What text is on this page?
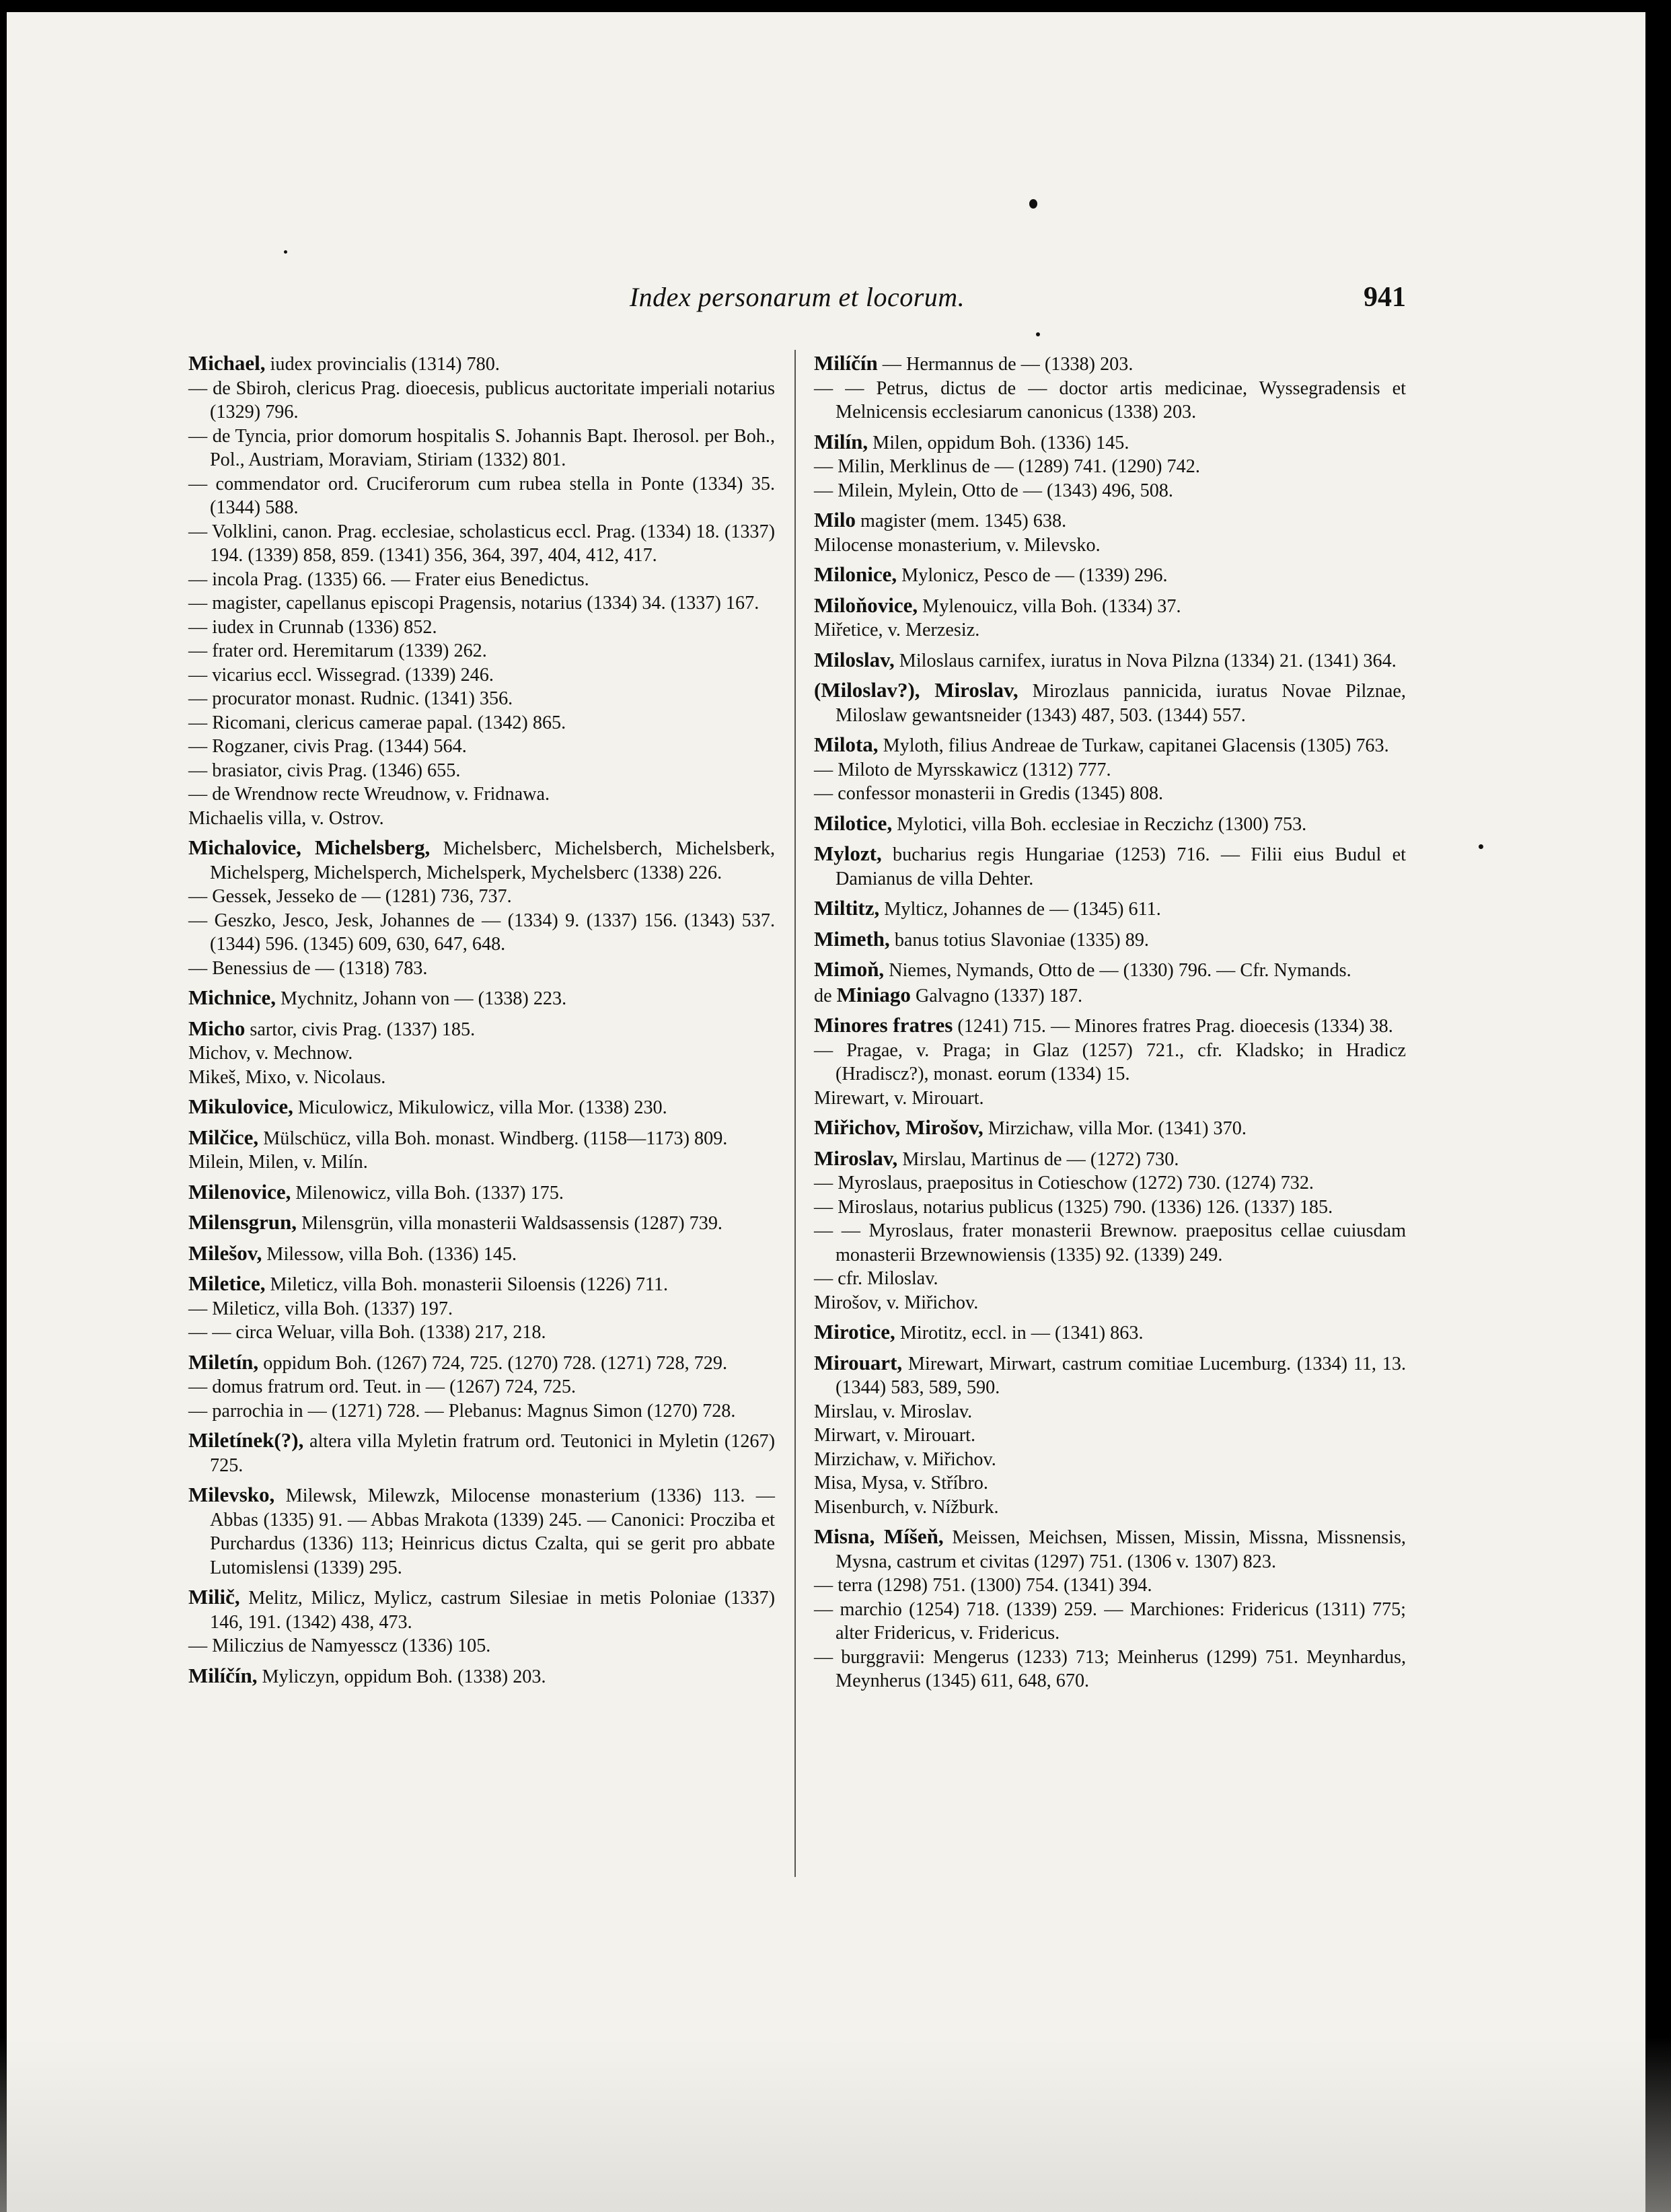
Index personarum et locorum.	941

Michael, iudex provincialis (1314) 780.

— de Sbiroh, clericus Prag. dioecesis, publicus auctoritate imperiali notarius (1329) 796.

— de Tyncia, prior domorum hospitalis S. Johannis Bapt. Iherosol. per Boh., Pol., Austriam, Moraviam, Stiriam (1332) 801.

— commendator ord. Cruciferorum cum rubea stella in Ponte (1334) 35. (1344) 588.

— Volklini, canon. Prag. ecclesiae, scholasticus eccl. Prag. (1334) 18. (1337) 194. (1339) 858, 859. (1341) 356, 364, 397, 404, 412, 417.

— incola Prag. (1335) 66. — Frater eius Benedictus.

— magister, capellanus episcopi Pragensis, notarius (1334) 34. (1337) 167.

— iudex in Crunnab (1336) 852.

— frater ord. Heremitarum (1339) 262.

— vicarius eccl. Wissegrad. (1339) 246.

— procurator monast. Rudnic. (1341) 356.

— Ricomani, clericus camerae papal. (1342) 865.

— Rogzaner, civis Prag. (1344) 564.

— brasiator, civis Prag. (1346) 655.

— de Wrendnow recte Wreudnow, v. Fridnawa.

Michaelis villa, v. Ostrov.

Michalovice, Michelsberg, Michelsberc, Michelsberch, Michelsberk, Michelsperg, Michelsperch, Michelsperk, Mychelsberc (1338) 226.

— Gessek, Jesseko de — (1281) 736, 737.

— Geszko, Jesco, Jesk, Johannes de — (1334) 9. (1337) 156. (1343) 537. (1344) 596. (1345) 609, 630, 647, 648.

— Benessius de — (1318) 783.

Michnice, Mychnitz, Johann von — (1338) 223.

Micho sartor, civis Prag. (1337) 185.

Michov, v. Mechnow.

Mikeš, Mixo, v. Nicolaus.

Mikulovice, Miculowicz, Mikulowicz, villa Mor. (1338) 230.

Milčice, Mülschücz, villa Boh. monast. Windberg. (1158—1173) 809.

Milein, Milen, v. Milín.

Milenovice, Milenowicz, villa Boh. (1337) 175.

Milensgrun, Milensgrün, villa monasterii Waldsassensis (1287) 739.

Milešov, Milessow, villa Boh. (1336) 145.

Miletice, Mileticz, villa Boh. monasterii Siloensis (1226) 711.

— Mileticz, villa Boh. (1337) 197.

— — circa Weluar, villa Boh. (1338) 217, 218.

Miletín, oppidum Boh. (1267) 724, 725. (1270) 728. (1271) 728, 729.

— domus fratrum ord. Teut. in — (1267) 724, 725.

— parrochia in — (1271) 728. — Plebanus: Magnus Simon (1270) 728.

Miletínek(?), altera villa Myletin fratrum ord. Teutonici in Myletin (1267) 725.

Milevsko, Milewsk, Milewzk, Milocense monasterium (1336) 113. — Abbas (1335) 91. — Abbas Mrakota (1339) 245. — Canonici: Procziba et Purchardus (1336) 113; Heinricus dictus Czalta, qui se gerit pro abbate Lutomislensi (1339) 295.

Milič, Melitz, Milicz, Mylicz, castrum Silesiae in metis Poloniae (1337) 146, 191. (1342) 438, 473.

— Miliczius de Namyesscz (1336) 105.

Milíčín, Myliczyn, oppidum Boh. (1338) 203.

Milíčín — Hermannus de — (1338) 203.

— — Petrus, dictus de — doctor artis medicinae, Wyssegradensis et Melnicensis ecclesiarum canonicus (1338) 203.

Milín, Milen, oppidum Boh. (1336) 145.

— Milin, Merklinus de — (1289) 741. (1290) 742.

— Milein, Mylein, Otto de — (1343) 496, 508.

Milo magister (mem. 1345) 638.

Milocense monasterium, v. Milevsko.

Milonice, Mylonicz, Pesco de — (1339) 296.

Miloňovice, Mylenouicz, villa Boh. (1334) 37.

Miřetice, v. Merzesiz.

Miloslav, Miloslaus carnifex, iuratus in Nova Pilzna (1334) 21. (1341) 364.

(Miloslav?), Miroslav, Mirozlaus pannicida, iuratus Novae Pilznae, Miloslaw gewantsneider (1343) 487, 503. (1344) 557.

Milota, Myloth, filius Andreae de Turkaw, capitanei Glacensis (1305) 763.

— Miloto de Myrsskawicz (1312) 777.

— confessor monasterii in Gredis (1345) 808.

Milotice, Mylotici, villa Boh. ecclesiae in Reczichz (1300) 753.

Mylozt, bucharius regis Hungariae (1253) 716. — Filii eius Budul et Damianus de villa Dehter.

Miltitz, Mylticz, Johannes de — (1345) 611.

Mimeth, banus totius Slavoniae (1335) 89.

Mimoň, Niemes, Nymands, Otto de — (1330) 796. — Cfr. Nymands.

de Miniago Galvagno (1337) 187.

Minores fratres (1241) 715. — Minores fratres Prag. dioecesis (1334) 38.

— Pragae, v. Praga; in Glaz (1257) 721., cfr. Kladsko; in Hradicz (Hradiscz?), monast. eorum (1334) 15.

Mirewart, v. Mirouart.

Miřichov, Mirošov, Mirzichaw, villa Mor. (1341) 370.

Miroslav, Mirslau, Martinus de — (1272) 730.

— Myroslaus, praepositus in Cotieschow (1272) 730. (1274) 732.

— Miroslaus, notarius publicus (1325) 790. (1336) 126. (1337) 185.

— — Myroslaus, frater monasterii Brewnow. praepositus cellae cuiusdam monasterii Brzewnowiensis (1335) 92. (1339) 249.

— cfr. Miloslav.

Mirošov, v. Miřichov.

Mirotice, Mirotitz, eccl. in — (1341) 863.

Mirouart, Mirewart, Mirwart, castrum comitiae Lucemburg. (1334) 11, 13. (1344) 583, 589, 590.

Mirslau, v. Miroslav.

Mirwart, v. Mirouart.

Mirzichaw, v. Miřichov.

Misa, Mysa, v. Stříbro.

Misenburch, v. Nížburk.

Misna, Míšeň, Meissen, Meichsen, Missen, Missin, Missna, Missnensis, Mysna, castrum et civitas (1297) 751. (1306 v. 1307) 823.

— terra (1298) 751. (1300) 754. (1341) 394.

— marchio (1254) 718. (1339) 259. — Marchiones: Fridericus (1311) 775; alter Fridericus, v. Fridericus.

— burggravii: Mengerus (1233) 713; Meinherus (1299) 751. Meynhardus, Meynherus (1345) 611, 648, 670.
